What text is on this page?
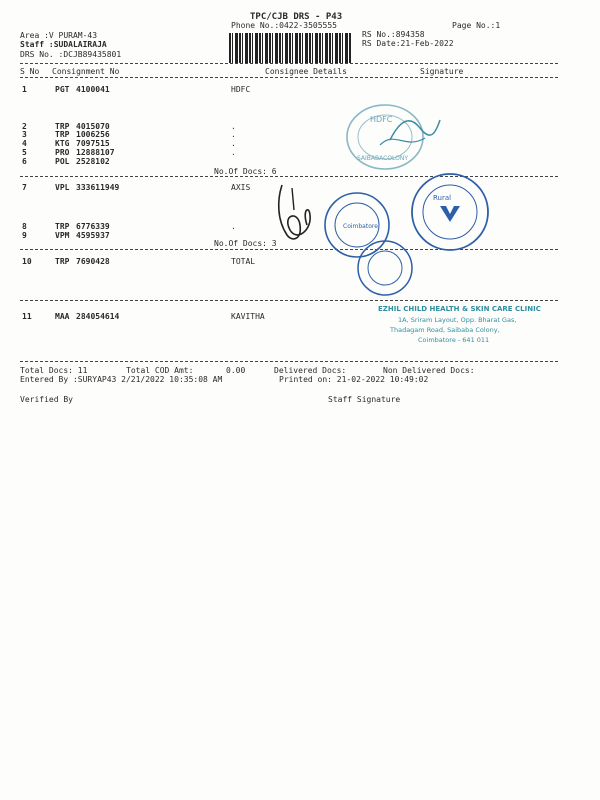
TPC/CJB DRS - P43
Phone No.:0422-3505555	Page No.:1
Area :V PURAM-43
Staff :SUDALAIRAJA
DRS No. :DCJB89435801
RS No.:894358
RS Date:21-Feb-2022
S No Consignment No	Consignee Details	Signature
1	PGT 4100041	HDFC
2	TRP 4015070	.
3	TRP 1006256	.
4	KTG 7097515	.
5	PRO 12888107	.
6	POL 2528102
No.Of Docs: 6
7	VPL 333611949	AXIS
8	TRP 6776339	.
9	VPM 4595937
No.Of Docs: 3
10	TRP 7690428	TOTAL
11	MAA 284054614	KAVITHA
Total Docs: 11	Total COD Amt:	0.00	Delivered Docs:	Non Delivered Docs:
Entered By :SURYAP43 2/21/2022 10:35:08 AM	Printed on: 21-02-2022 10:49:02
Verified By	Staff Signature
HDFC
SAIBABACOLONY
Coimbatore
Rural
EZHIL CHILD HEALTH & SKIN CARE CLINIC
1A, Sriram Layout, Opp. Bharat Gas,
Thadagam Road, Saibaba Colony,
Coimbatore - 641 011
